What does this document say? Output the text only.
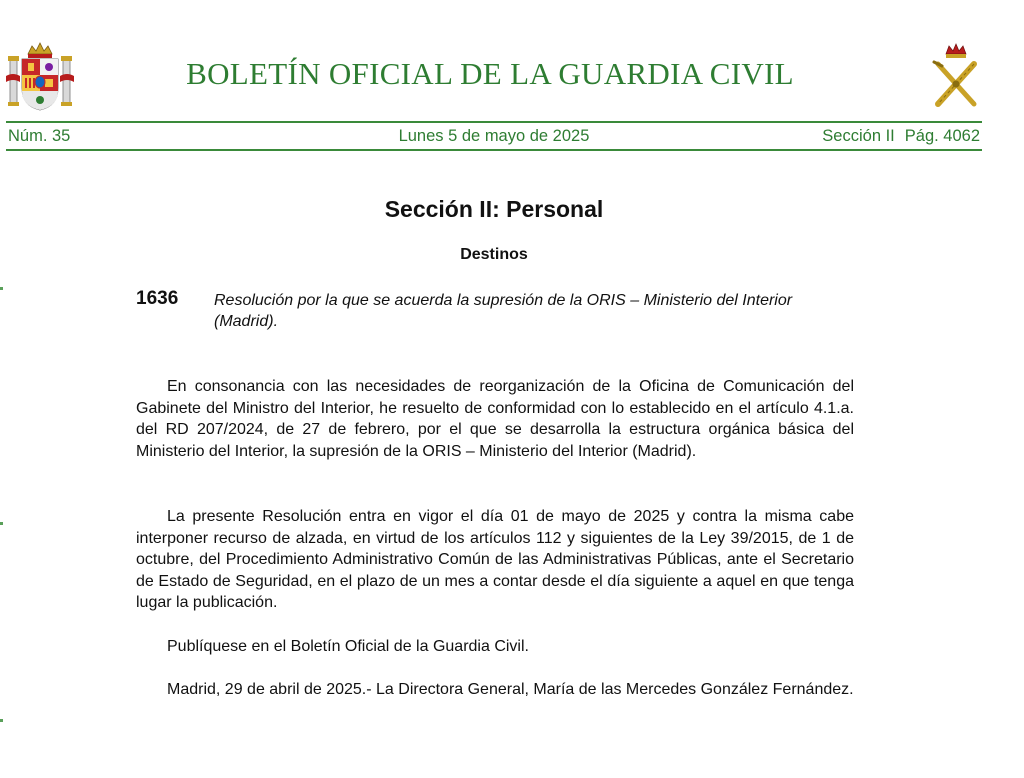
BOLETÍN OFICIAL DE LA GUARDIA CIVIL
Núm. 35	Lunes 5 de mayo de 2025	Sección II Pág. 4062
Sección II: Personal
Destinos
1636 Resolución por la que se acuerda la supresión de la ORIS – Ministerio del Interior (Madrid).

En consonancia con las necesidades de reorganización de la Oficina de Comunicación del Gabinete del Ministro del Interior, he resuelto de conformidad con lo establecido en el artículo 4.1.a. del RD 207/2024, de 27 de febrero, por el que se desarrolla la estructura orgánica básica del Ministerio del Interior, la supresión de la ORIS – Ministerio del Interior (Madrid).

La presente Resolución entra en vigor el día 01 de mayo de 2025 y contra la misma cabe interponer recurso de alzada, en virtud de los artículos 112 y siguientes de la Ley 39/2015, de 1 de octubre, del Procedimiento Administrativo Común de las Administrativas Públicas, ante el Secretario de Estado de Seguridad, en el plazo de un mes a contar desde el día siguiente a aquel en que tenga lugar la publicación.

Publíquese en el Boletín Oficial de la Guardia Civil.

Madrid, 29 de abril de 2025.- La Directora General, María de las Mercedes González Fernández.
